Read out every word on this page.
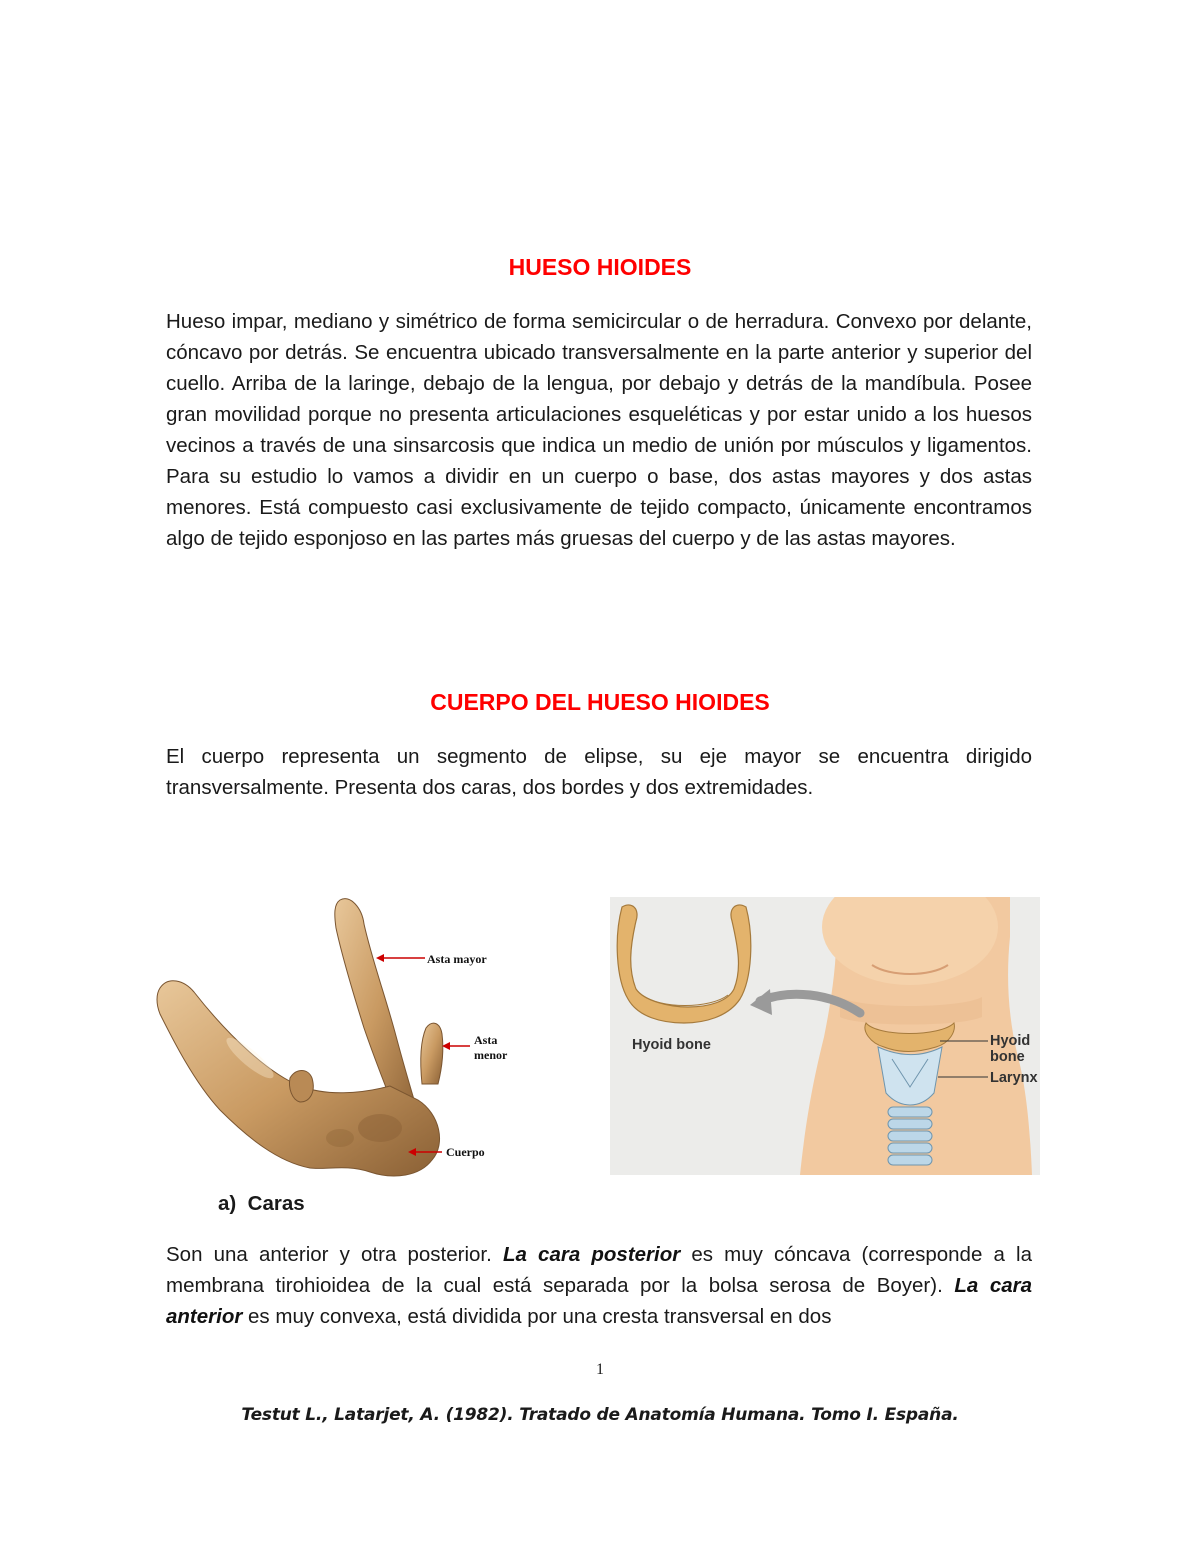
HUESO HIOIDES
Hueso impar, mediano y simétrico de forma semicircular o de herradura. Convexo por delante, cóncavo por detrás. Se encuentra ubicado transversalmente en la parte anterior y superior del cuello. Arriba de la laringe, debajo de la lengua, por debajo y detrás de la mandíbula. Posee gran movilidad porque no presenta articulaciones esqueléticas y por estar unido a los huesos vecinos a través de una sinsarcosis que indica un medio de unión por músculos y ligamentos. Para su estudio lo vamos a dividir en un cuerpo o base, dos astas mayores y dos astas menores. Está compuesto casi exclusivamente de tejido compacto, únicamente encontramos algo de tejido esponjoso en las partes más gruesas del cuerpo y de las astas mayores.
CUERPO DEL HUESO HIOIDES
El cuerpo representa un segmento de elipse, su eje mayor se encuentra dirigido transversalmente. Presenta dos caras, dos bordes y dos extremidades.
Asta mayor
Asta
menor
Cuerpo
Hyoid bone	Hyoid
bone
Larynx
a) Caras
Son una anterior y otra posterior. La cara posterior es muy cóncava (corresponde a la membrana tirohioidea de la cual está separada por la bolsa serosa de Boyer). La cara anterior es muy convexa, está dividida por una cresta transversal en dos
1
Testut L., Latarjet, A. (1982). Tratado de Anatomía Humana. Tomo I. España.
